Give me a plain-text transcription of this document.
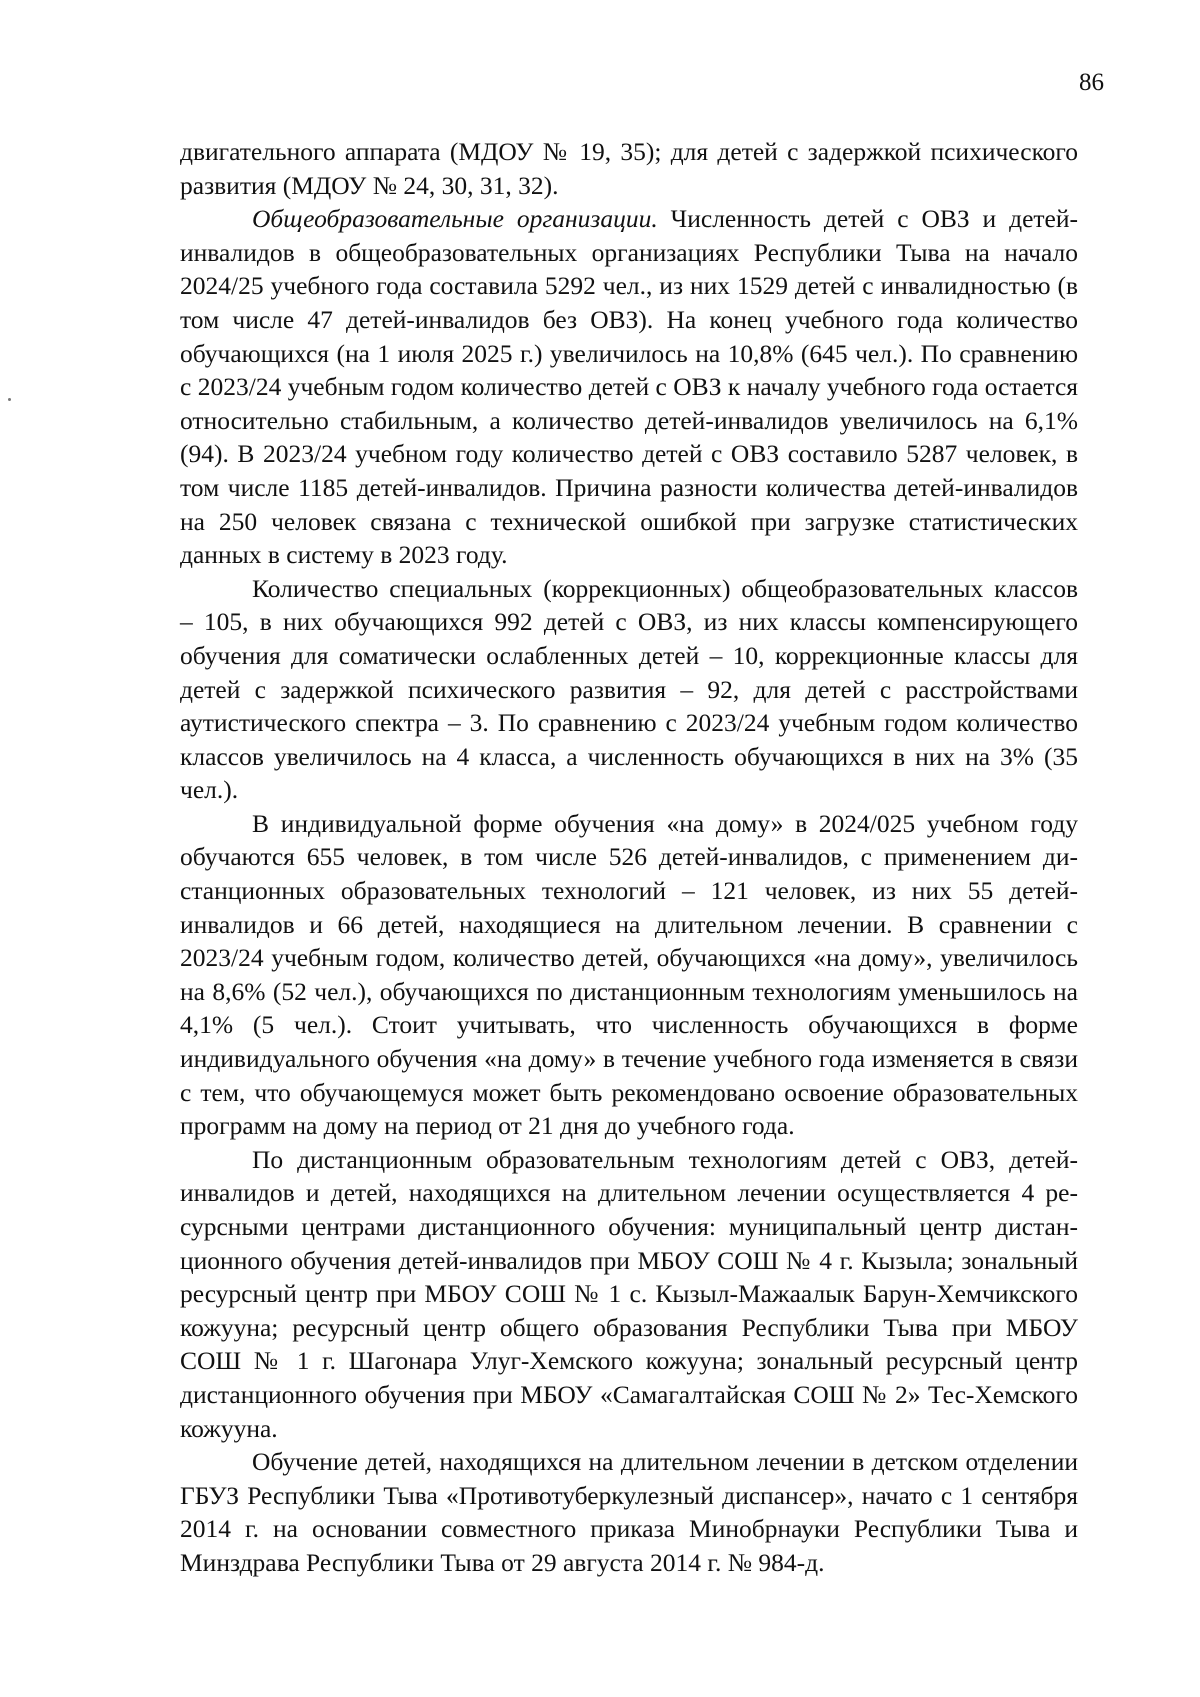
86

двигательного аппарата (МДОУ № 19, 35); для детей с задержкой психического развития (МДОУ № 24, 30, 31, 32).

Общеобразовательные организации. Численность детей с ОВЗ и детей-инвалидов в общеобразовательных организациях Республики Тыва на начало 2024/25 учебного года составила 5292 чел., из них 1529 детей с инвалидностью (в том числе 47 детей-инвалидов без ОВЗ). На конец учебного года количество обучающихся (на 1 июля 2025 г.) увеличилось на 10,8% (645 чел.). По сравнению с 2023/24 учебным годом количество детей с ОВЗ к началу учебного года остается относительно стабильным, а количество детей-инвалидов увеличилось на 6,1% (94). В 2023/24 учебном году количество детей с ОВЗ составило 5287 человек, в том числе 1185 детей-инвалидов. Причина разности количества детей-инвалидов на 250 человек связана с технической ошибкой при загрузке статистических данных в систему в 2023 году.

Количество специальных (коррекционных) общеобразовательных классов – 105, в них обучающихся 992 детей с ОВЗ, из них классы компенсирующего обучения для соматически ослабленных детей – 10, коррекционные классы для детей с задержкой психического развития – 92, для детей с расстройствами аутистического спектра – 3. По сравнению с 2023/24 учебным годом количество классов увеличилось на 4 класса, а численность обучающихся в них на 3% (35 чел.).

В индивидуальной форме обучения «на дому» в 2024/025 учебном году обучаются 655 человек, в том числе 526 детей-инвалидов, с применением дистанционных образовательных технологий – 121 человек, из них 55 детей-инвалидов и 66 детей, находящиеся на длительном лечении. В сравнении с 2023/24 учебным годом, количество детей, обучающихся «на дому», увеличилось на 8,6% (52 чел.), обучающихся по дистанционным технологиям уменьшилось на 4,1% (5 чел.). Стоит учитывать, что численность обучающихся в форме индивидуального обучения «на дому» в течение учебного года изменяется в связи с тем, что обучающемуся может быть рекомендовано освоение образовательных программ на дому на период от 21 дня до учебного года.

По дистанционным образовательным технологиям детей с ОВЗ, детей-инвалидов и детей, находящихся на длительном лечении осуществляется 4 ресурсными центрами дистанционного обучения: муниципальный центр дистанционного обучения детей-инвалидов при МБОУ СОШ № 4 г. Кызыла; зональный ресурсный центр при МБОУ СОШ № 1 с. Кызыл-Мажаалык Барун-Хемчикского кожууна; ресурсный центр общего образования Республики Тыва при МБОУ СОШ № 1 г. Шагонара Улуг-Хемского кожууна; зональный ресурсный центр дистанционного обучения при МБОУ «Самагалтайская СОШ № 2» Тес-Хемского кожууна.

Обучение детей, находящихся на длительном лечении в детском отделении ГБУЗ Республики Тыва «Противотуберкулезный диспансер», начато с 1 сентября 2014 г. на основании совместного приказа Минобрнауки Республики Тыва и Минздрава Республики Тыва от 29 августа 2014 г. № 984-д.
